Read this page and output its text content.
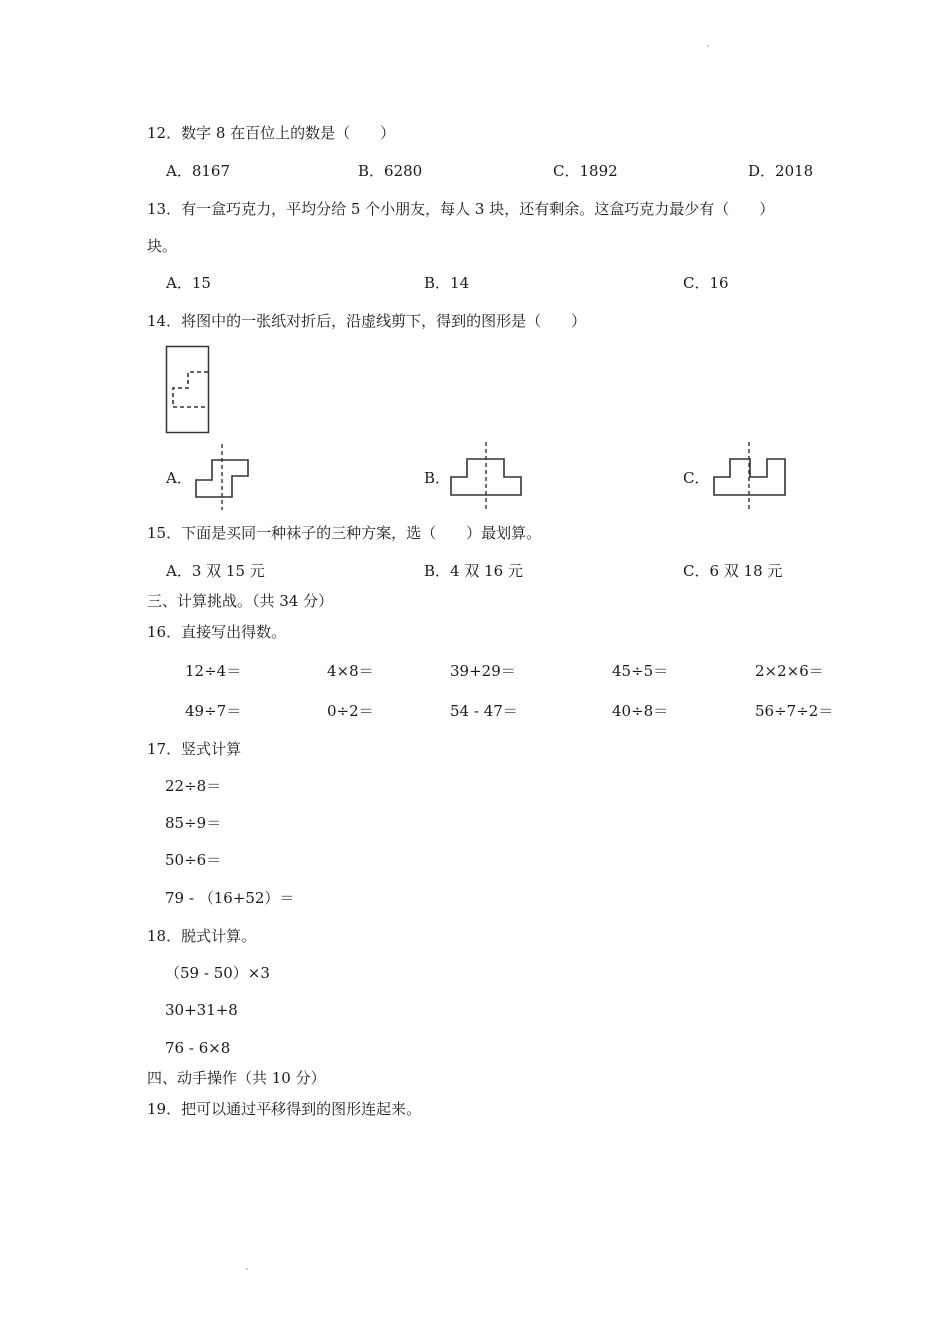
12．数字 8 在百位上的数是（　　）
A．8167	B．6280	C．1892	D．2018
13．有一盒巧克力，平均分给 5 个小朋友，每人 3 块，还有剩余。这盒巧克力最少有（　　）
块。
A．15	B．14	C．16
14．将图中的一张纸对折后，沿虚线剪下，得到的图形是（　　）
A．	B．	C．
15．下面是买同一种袜子的三种方案，选（　　）最划算。
A．3 双 15 元	B．4 双 16 元	C．6 双 18 元
三、计算挑战。（共 34 分）
16．直接写出得数。
12÷4＝	4×8＝	39+29＝	45÷5＝	2×2×6＝
49÷7＝	0÷2＝	54 - 47＝	40÷8＝	56÷7÷2＝
17．竖式计算
22÷8＝
85÷9＝
50÷6＝
79 - （16+52）＝
18．脱式计算。
（59 - 50）×3
30+31+8
76 - 6×8
四、动手操作（共 10 分）
19．把可以通过平移得到的图形连起来。
